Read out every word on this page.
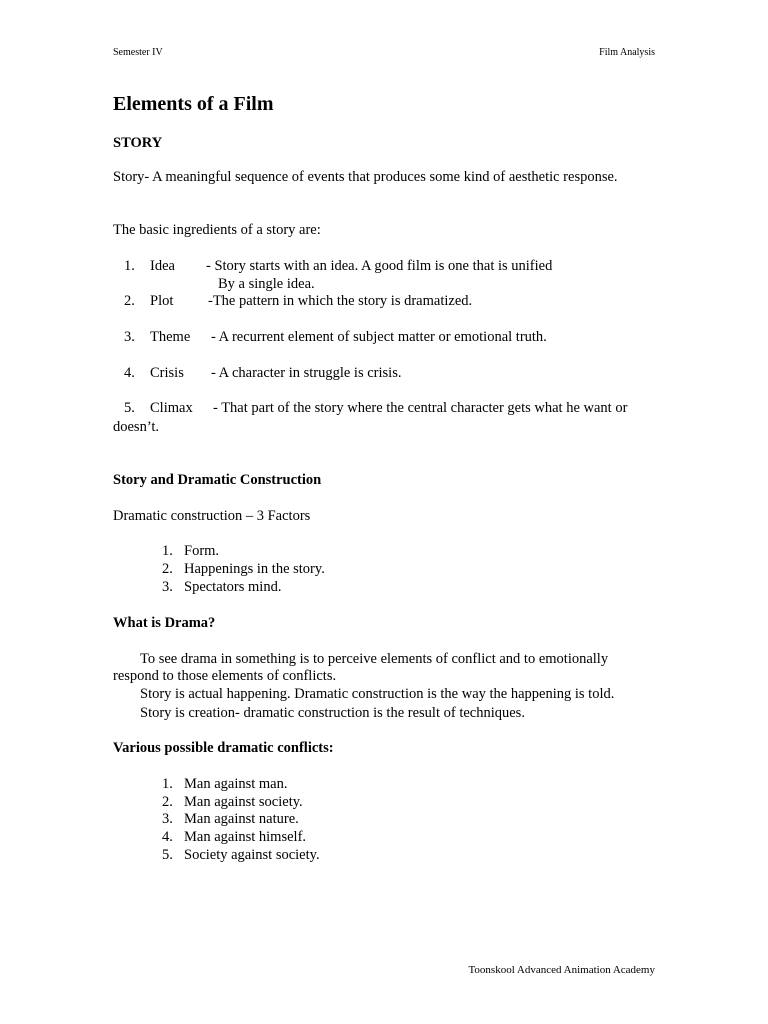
Semester IV	Film Analysis
Elements of a Film
STORY
Story- A meaningful sequence of events that produces some kind of aesthetic response.
The basic ingredients of a story are:
1. Idea - Story starts with an idea. A good film is one that is unified
By a single idea.
2. Plot -The pattern in which the story is dramatized.
3. Theme - A recurrent element of subject matter or emotional truth.
4. Crisis - A character in struggle is crisis.
5. Climax - That part of the story where the central character gets what he want or
doesn’t.
Story and Dramatic Construction
Dramatic construction – 3 Factors
1. Form.
2. Happenings in the story.
3. Spectators mind.
What is Drama?
To see drama in something is to perceive elements of conflict and to emotionally
respond to those elements of conflicts.
Story is actual happening. Dramatic construction is the way the happening is told.
Story is creation- dramatic construction is the result of techniques.
Various possible dramatic conflicts:
1. Man against man.
2. Man against society.
3. Man against nature.
4. Man against himself.
5. Society against society.
Toonskool Advanced Animation Academy
